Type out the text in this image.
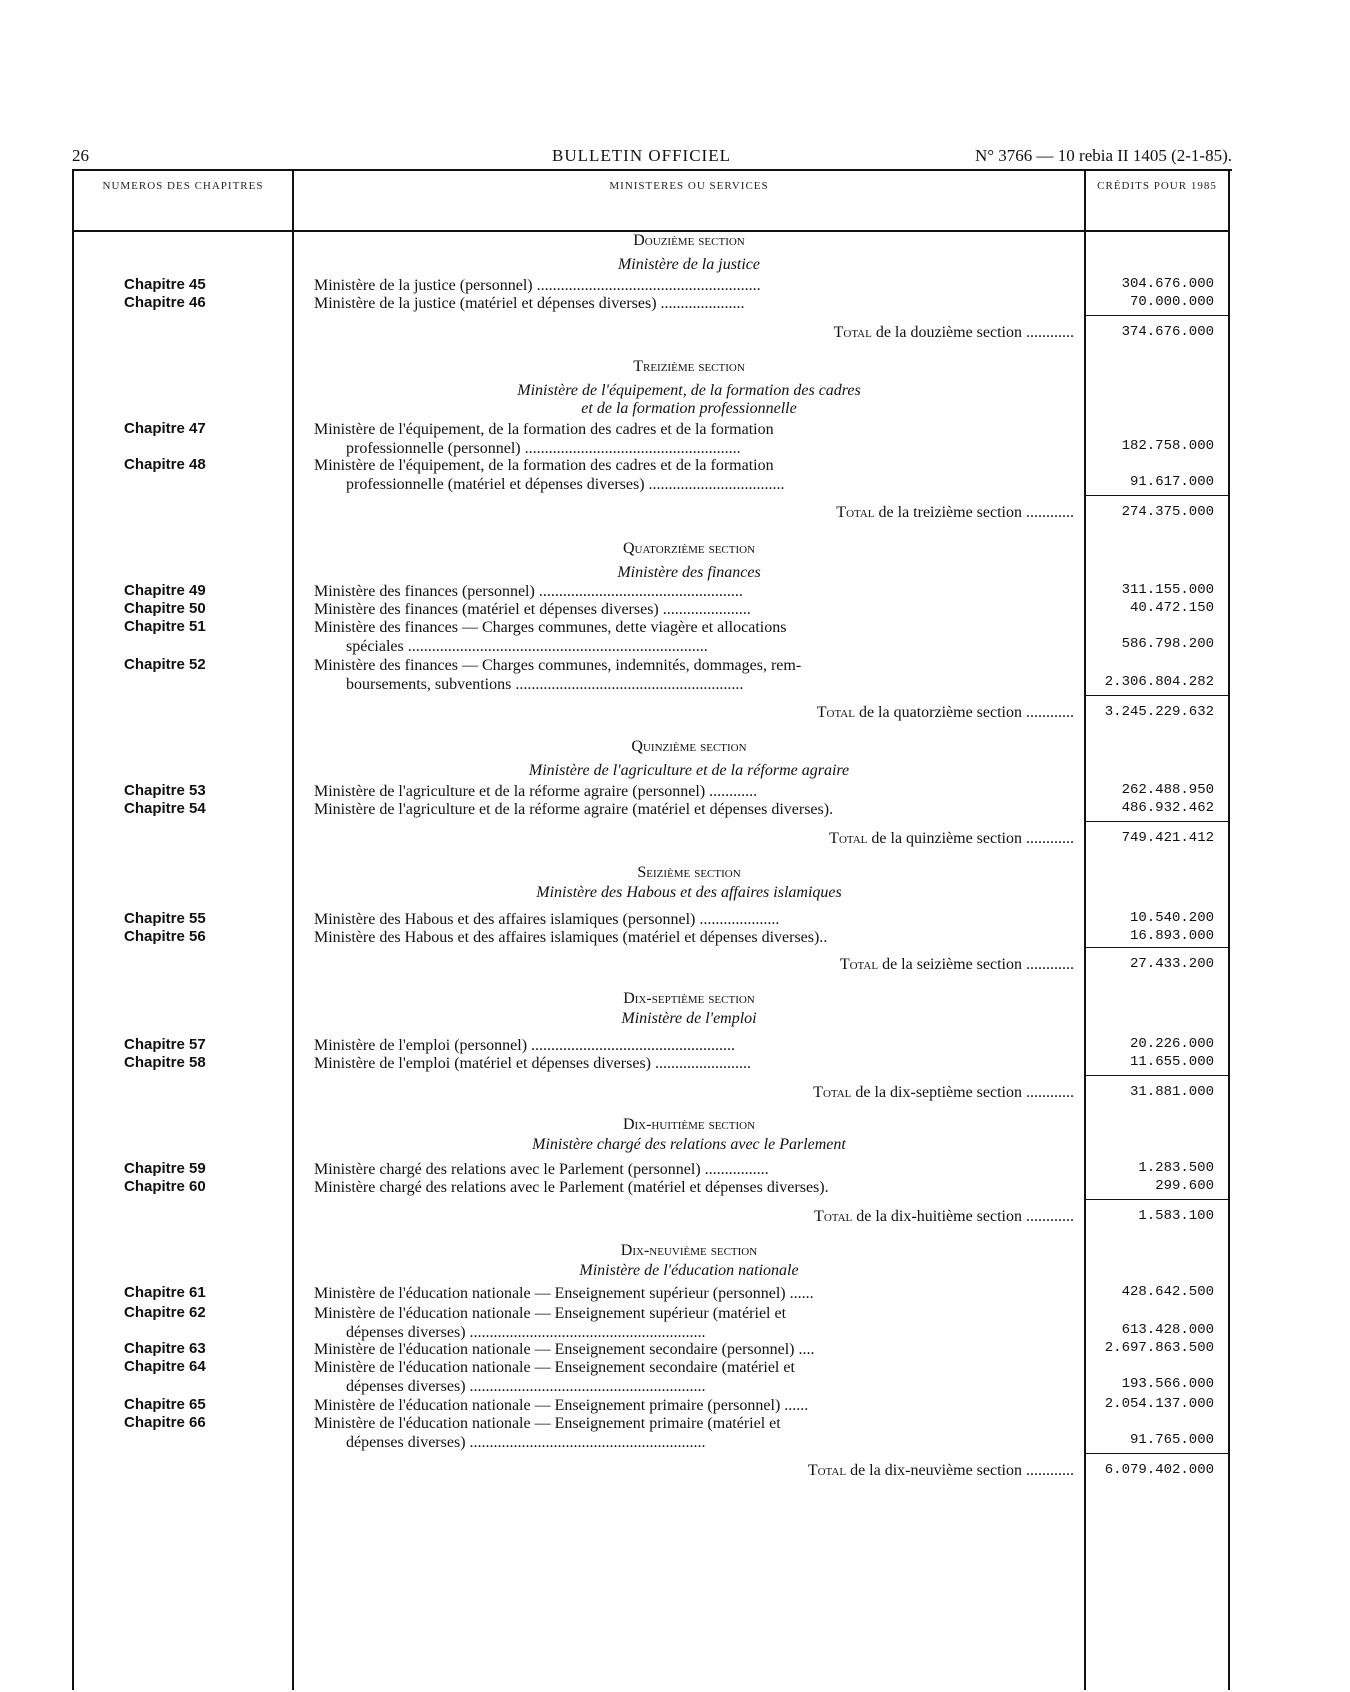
26	BULLETIN OFFICIEL	N° 3766 — 10 rebia II 1405 (2-1-85).
NUMEROS DES CHAPITRES	MINISTERES OU SERVICES	CRÉDITS POUR 1985
Douzième section
Ministère de la justice
Chapitre 45	Ministère de la justice (personnel) ........................................................	304.676.000
Chapitre 46	Ministère de la justice (matériel et dépenses diverses) .....................	70.000.000
Total de la douzième section ............	374.676.000
Treizième section
Ministère de l'équipement, de la formation des cadres
et de la formation professionnelle
Chapitre 47	Ministère de l'équipement, de la formation des cadres et de la formation
professionnelle (personnel) ......................................................	182.758.000
Chapitre 48	Ministère de l'équipement, de la formation des cadres et de la formation
professionnelle (matériel et dépenses diverses) ..................................	91.617.000
Total de la treizième section ............	274.375.000
Quatorzième section
Ministère des finances
Chapitre 49	Ministère des finances (personnel) ...................................................	311.155.000
Chapitre 50	Ministère des finances (matériel et dépenses diverses) ......................	40.472.150
Chapitre 51	Ministère des finances — Charges communes, dette viagère et allocations
spéciales ...........................................................................	586.798.200
Chapitre 52	Ministère des finances — Charges communes, indemnités, dommages, rem-
boursements, subventions .........................................................	2.306.804.282
Total de la quatorzième section ............	3.245.229.632
Quinzième section
Ministère de l'agriculture et de la réforme agraire
Chapitre 53	Ministère de l'agriculture et de la réforme agraire (personnel) ............	262.488.950
Chapitre 54	Ministère de l'agriculture et de la réforme agraire (matériel et dépenses diverses).	486.932.462
Total de la quinzième section ............	749.421.412
Seizième section
Ministère des Habous et des affaires islamiques
Chapitre 55	Ministère des Habous et des affaires islamiques (personnel) ....................	10.540.200
Chapitre 56	Ministère des Habous et des affaires islamiques (matériel et dépenses diverses)..	16.893.000
Total de la seizième section ............	27.433.200
Dix-septième section
Ministère de l'emploi
Chapitre 57	Ministère de l'emploi (personnel) ...................................................	20.226.000
Chapitre 58	Ministère de l'emploi (matériel et dépenses diverses) ........................	11.655.000
Total de la dix-septième section ............	31.881.000
Dix-huitième section
Ministère chargé des relations avec le Parlement
Chapitre 59	Ministère chargé des relations avec le Parlement (personnel) ................	1.283.500
Chapitre 60	Ministère chargé des relations avec le Parlement (matériel et dépenses diverses).	299.600
Total de la dix-huitième section ............	1.583.100
Dix-neuvième section
Ministère de l'éducation nationale
Chapitre 61	Ministère de l'éducation nationale — Enseignement supérieur (personnel) ......	428.642.500
Chapitre 62	Ministère de l'éducation nationale — Enseignement supérieur (matériel et
dépenses diverses) ...........................................................	613.428.000
Chapitre 63	Ministère de l'éducation nationale — Enseignement secondaire (personnel) ....	2.697.863.500
Chapitre 64	Ministère de l'éducation nationale — Enseignement secondaire (matériel et
dépenses diverses) ...........................................................	193.566.000
Chapitre 65	Ministère de l'éducation nationale — Enseignement primaire (personnel) ......	2.054.137.000
Chapitre 66	Ministère de l'éducation nationale — Enseignement primaire (matériel et
dépenses diverses) ...........................................................	91.765.000
Total de la dix-neuvième section ............	6.079.402.000
